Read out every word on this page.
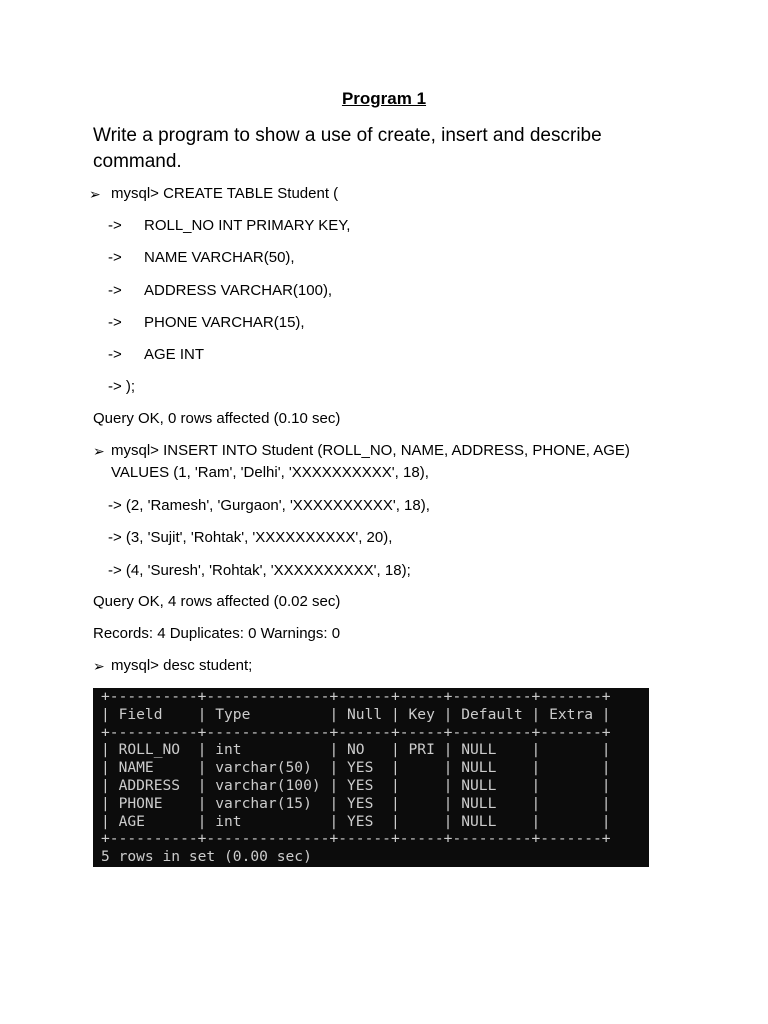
Program 1
Write a program to show a use of create, insert and describe command.
➢ mysql> CREATE TABLE Student (
-> ROLL_NO INT PRIMARY KEY,
-> NAME VARCHAR(50),
-> ADDRESS VARCHAR(100),
-> PHONE VARCHAR(15),
-> AGE INT
-> );
Query OK, 0 rows affected (0.10 sec)
➢ mysql> INSERT INTO Student (ROLL_NO, NAME, ADDRESS, PHONE, AGE)
VALUES (1, 'Ram', 'Delhi', 'XXXXXXXXXX', 18),
-> (2, 'Ramesh', 'Gurgaon', 'XXXXXXXXXX', 18),
-> (3, 'Sujit', 'Rohtak', 'XXXXXXXXXX', 20),
-> (4, 'Suresh', 'Rohtak', 'XXXXXXXXXX', 18);
Query OK, 4 rows affected (0.02 sec)
Records: 4 Duplicates: 0 Warnings: 0
➢ mysql> desc student;
+----------+--------------+------+-----+---------+-------+
| Field    | Type         | Null | Key | Default | Extra |
+----------+--------------+------+-----+---------+-------+
| ROLL_NO  | int          | NO   | PRI | NULL    |       |
| NAME     | varchar(50)  | YES  |     | NULL    |       |
| ADDRESS  | varchar(100) | YES  |     | NULL    |       |
| PHONE    | varchar(15)  | YES  |     | NULL    |       |
| AGE      | int          | YES  |     | NULL    |       |
+----------+--------------+------+-----+---------+-------+
5 rows in set (0.00 sec)
